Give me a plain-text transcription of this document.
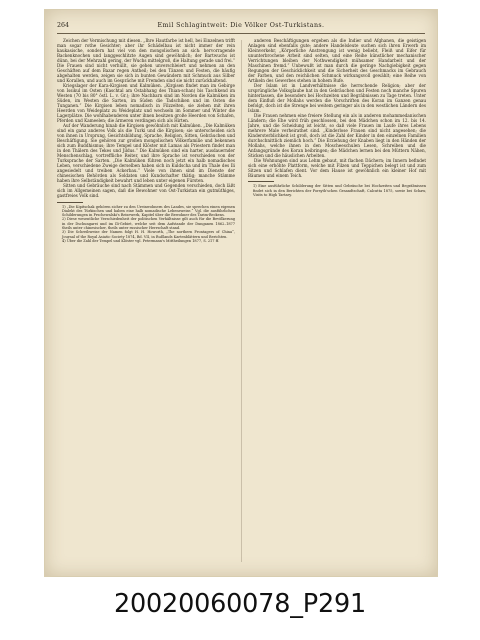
264	Emil Schlagintweit: Die Völker Ost-Turkistans.

Zeichen der Vermischung mit diesen. „Ihre Hautfarbe ist hell, bei Einzelnen trifft man sogar rothe Gesichter; aber ihr Schädelbau ist nicht immer der rein kaukasische, sondern hat viel von den mongolischen an sich: hervorragende Backenknochen und langgeschlitzte Augen sind gewöhnlich; der Bartwuchs ist dünn, bei der Mehrzahl gering, der Wuchs mittelgroß, die Haltung gerade und frei.“ Die Frauen sind nicht verhüllt, sie gehen unverschleiert und nehmen an den Geschäften auf dem Bazar regen Antheil; bei den Tänzen und Festen, die häufig abgehalten werden, zeigen sie sich in bunten Gewändern mit Schmuck aus Silber und Korallen, und auch im Gespräche mit Fremden sind sie nicht zurückhaltend.

Kriegslager der Kara-Kirgisen und Kalmüken. „Kirgisen findet man im Gebirge von Issikul im Osten (Kaschtal am Ostabhang des Thian-schan) bis Taschkend im Westen (70 bis 80° östl. L. v. Gr.); ihre Nachbarn sind im Norden die Kalmüken im Süden, im Westen die Sarten, im Süden die Tadschiken und im Osten die Tunganen.“ Die Kirgisen leben nomadisch in Filzzelten, sie ziehen mit ihren Heerden von Weideplatz zu Weideplatz und wechseln im Sommer und Winter die Lagerplätze. Die wohlhabenderen unter ihnen besitzen große Heerden von Schafen, Pferden und Kameelen; die ärmeren verdingen sich als Hirten.

Auf der Wanderung hinab die Kirgisen gewöhnlich mit Kalmüken. „Die Kalmüken sind ein ganz anderes Volk als die Turki und die Kirgisen; sie unterscheiden sich von ihnen in Ursprung, Gesichtsbildung, Sprache, Religion, Sitten, Gebräuchen und Beschäftigung. Sie gehören zur großen mongolischen Völkerfamilie und bekennen sich zum Buddhismus; ihre Tempel und Klöster mit Lamas als Priestern findet man in den Thälern des Tekes und Jildus.“ Die Kalmüken sind ein harter, ausdauernder Menschenschlag, vortreffliche Reiter, und ihre Sprache ist verschieden von der Turksprache der Sarten. „Die Kalmüken führen noch jetzt ein halb nomadisches Leben, verschiedene Zweige derselben haben sich in Kuldscha und im Thale des Ili angesiedelt und treiben Ackerbau.“ Viele von ihnen sind im Dienste der chinesischen Behörden als Soldaten und Kundschafter thätig; manche Stämme haben ihre Selbständigkeit bewahrt und leben unter eigenen Fürsten.

Sitten und Gebräuche sind nach Stämmen und Gegenden verschieden, doch läßt sich im Allgemeinen sagen, daß die Bewohner von Ost-Turkistan ein gutmüthiges, gastfreies Volk sind.

1) „Die Kipitschak gehören sicher zu den Ureinwohnern des Landes, sie sprechen einen eigenen Dialekt des Türkischen und haben eine halb nomadische Lebensweise.“ Vgl. die ausführlichen Schilderungen in Prschewalski's Reisewerk, Kapitel über die Bewohner des Tarim-Beckens.

2) Diese wesentliche Verschiedenheit der politischen Verhältnisse gilt auch für die Bevölkerung in der Dschungarei und im Ili-Gebiet, welche seit dem Aufstande der Dunganen 1862–1877 theils unter chinesischer, theils unter russischer Herrschaft stand.

3) Die Schreibweise der Namen folgt H. H. Howorth, „The northern Frontagers of China“, Journal of the Royal Asiatic Society 1874, Bd. VII, in Rußlands Kartenblättern und Berichten.

4) Über die Zahl der Tempel und Klöster vgl. Petermann's Mittheilungen 1877, S. 217 ff.

anderen Beschäftigungen ergeben als die Indier und Afghanen, die geistigen Anlagen sind ebenfalls gute; andere Handelsleute suchen sich ihren Erwerb im Kleinverkehr, „Körperliche Anstrengung ist wenig beliebt, Fleiß und Eifer für ununterbrochene Arbeit sind selten, und eine Reihe künstlicher mechanischer Verrichtungen bleiben der Nothwendigkeit mühsamer Handarbeit und der Maschinen fremd.“ Unbewußt ist man durch die geringe Nachgiebigkeit gegen Regungen der Geschicklichkeit und die Sicherheit des Geschmacks im Gebrauch der Farben, und den reichlichen Schmuck wirkungsvoll gewählt; eine Reihe von Artikeln des Gewerbes stehen in hohem Rufe.

Der Islam ist in Landverhältnisse die herrschende Religion; aber der ursprüngliche Volksglaube hat in den Gebräuchen und Festen noch manche Spuren hinterlassen, die besonders bei Hochzeiten und Begräbnissen zu Tage treten. Unter dem Einfluß der Mollahs werden die Vorschriften des Koran im Ganzen genau befolgt, doch ist die Strenge bei weitem geringer als in den westlichen Ländern des Islam.

Die Frauen nehmen eine freiere Stellung ein als in anderen mohammedanischen Ländern; die Ehe wird früh geschlossen, bei den Mädchen schon im 12. bis 14. Jahre, und die Scheidung ist leicht, so daß viele Frauen im Laufe ihres Lebens mehrere Male verheirathet sind. „Kinderlose Frauen sind nicht angesehen; die Kindersterblichkeit ist groß, doch ist die Zahl der Kinder in den einzelnen Familien durchschnittlich ziemlich hoch.“ Die Erziehung der Knaben liegt in den Händen der Mollahs, welche ihnen in den Moscheeschulen Lesen, Schreiben und die Anfangsgründe des Koran beibringen; die Mädchen lernen bei den Müttern Nähen, Sticken und die häuslichen Arbeiten.

Die Wohnungen sind aus Lehm gebaut, mit flachen Dächern; im Innern befindet sich eine erhöhte Plattform, welche mit Filzen und Teppichen belegt ist und zum Sitzen und Schlafen dient. Vor dem Hause ist gewöhnlich ein kleiner Hof mit Bäumen und einem Teich.

1) Eine ausführliche Schilderung der Sitten und Gebräuche bei Hochzeiten und Begräbnissen findet sich in den Berichten der Forsyth'schen Gesandtschaft, Calcutta 1875, sowie bei Schaw, Visits to High Tartary.

20020060078_P291
